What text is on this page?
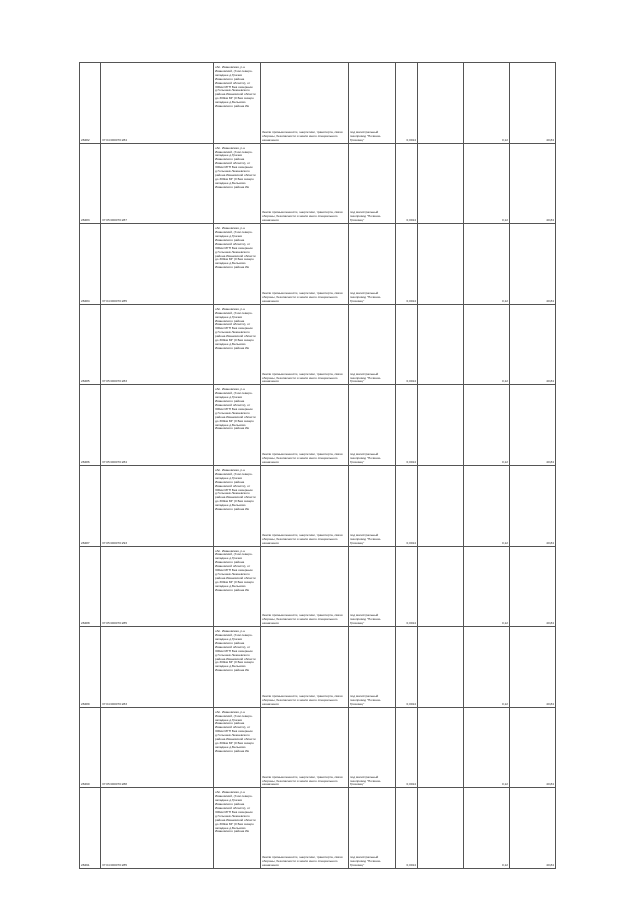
28482	37:04:000070:284	обл. Ивановская, р-н Ивановский, (3 км северо-западнее д.Грачев Ивановского района Ивановской области), от 300км МГП Бев северным д.Голышев Лежневского района Ивановской области до 300км МГ (0 Бев северо западнее д.Бельково Ивановского района Ив	Земли промышленности, энергетики, транспорта, связи обороны, безопасности и земли иного специального назначения	под магистральный газопровод "Починок-Грязовец"	0,0014		0,12	40,84
28483	37:05:000070:287	обл. Ивановская, р-н Ивановский, (3 км северо-западнее д.Грачев Ивановского района Ивановской области), от 300км МГП Бев северным д.Голышев Лежневского района Ивановской области до 300км МГ (0 Бев северо западнее д.Бельково Ивановского района Ив	Земли промышленности, энергетики, транспорта, связи обороны, безопасности и земли иного специального назначения	под магистральный газопровод "Починок-Грязовец"	0,0014		0,12	40,84
28484	37:04:000070:285	обл. Ивановская, р-н Ивановский, (3 км северо-западнее д.Грачев Ивановского района Ивановской области), от 300км МГП Бев северным д.Голышев Лежневского района Ивановской области до 300км МГ (0 Бев северо западнее д.Бельково Ивановского района Ив	Земли промышленности, энергетики, транспорта, связи обороны, безопасности и земли иного специального назначения	под магистральный газопровод "Починок-Грязовец"	0,0014		0,12	40,84
28485	37:05:000070:283	обл. Ивановская, р-н Ивановский, (3 км северо-западнее д.Грачев Ивановского района Ивановской области), от 300км МГП Бев северным д.Голышев Лежневского района Ивановской области до 300км МГ (0 Бев северо западнее д.Бельково Ивановского района Ив	Земли промышленности, энергетики, транспорта, связи обороны, безопасности и земли иного специального назначения	под магистральный газопровод "Починок-Грязовец"	0,0014		0,12	40,84
28486	37:05:000070:284	обл. Ивановская, р-н Ивановский, (3 км северо-западнее д.Грачев Ивановского района Ивановской области), от 300км МГП Бев северным д.Голышев Лежневского района Ивановской области до 300км МГ (0 Бев северо западнее д.Бельково Ивановского района Ив	Земли промышленности, энергетики, транспорта, связи обороны, безопасности и земли иного специального назначения	под магистральный газопровод "Починок-Грязовец"	0,0014		0,12	40,84
28487	37:05:000070:293	обл. Ивановская, р-н Ивановский, (3 км северо-западнее д.Грачев Ивановского района Ивановской области), от 300км МГП Бев северным д.Голышев Лежневского района Ивановской области до 300км МГ (0 Бев северо западнее д.Бельково Ивановского района Ив	Земли промышленности, энергетики, транспорта, связи обороны, безопасности и земли иного специального назначения	под магистральный газопровод "Починок-Грязовец"	0,0014		0,12	40,84
28488	37:05:000070:285	обл. Ивановская, р-н Ивановский, (3 км северо-западнее д.Грачев Ивановского района Ивановской области), от 300км МГП Бев северным д.Голышев Лежневского района Ивановской области до 300км МГ (0 Бев северо западнее д.Бельково Ивановского района Ив	Земли промышленности, энергетики, транспорта, связи обороны, безопасности и земли иного специального назначения	под магистральный газопровод "Починок-Грязовец"	0,0014		0,12	40,84
28489	37:04:000070:283	обл. Ивановская, р-н Ивановский, (3 км северо-западнее д.Грачев Ивановского района Ивановской области), от 300км МГП Бев северным д.Голышев Лежневского района Ивановской области до 300км МГ (0 Бев северо западнее д.Бельково Ивановского района Ив	Земли промышленности, энергетики, транспорта, связи обороны, безопасности и земли иного специального назначения	под магистральный газопровод "Починок-Грязовец"	0,0014		0,12	40,84
28490	37:05:000070:288	обл. Ивановская, р-н Ивановский, (3 км северо-западнее д.Грачев Ивановского района Ивановской области), от 300км МГП Бев северным д.Голышев Лежневского района Ивановской области до 300км МГ (0 Бев северо западнее д.Бельково Ивановского района Ив	Земли промышленности, энергетики, транспорта, связи обороны, безопасности и земли иного специального назначения	под магистральный газопровод "Починок-Грязовец"	0,0014		0,12	40,84
28491	37:04:000070:285	обл. Ивановская, р-н Ивановский, (3 км северо-западнее д.Грачев Ивановского района Ивановской области), от 300км МГП Бев северным д.Голышев Лежневского района Ивановской области до 300км МГ (0 Бев северо западнее д.Бельково Ивановского района Ив	Земли промышленности, энергетики, транспорта, связи обороны, безопасности и земли иного специального назначения	под магистральный газопровод "Починок-Грязовец"	0,0014		0,12	40,84
